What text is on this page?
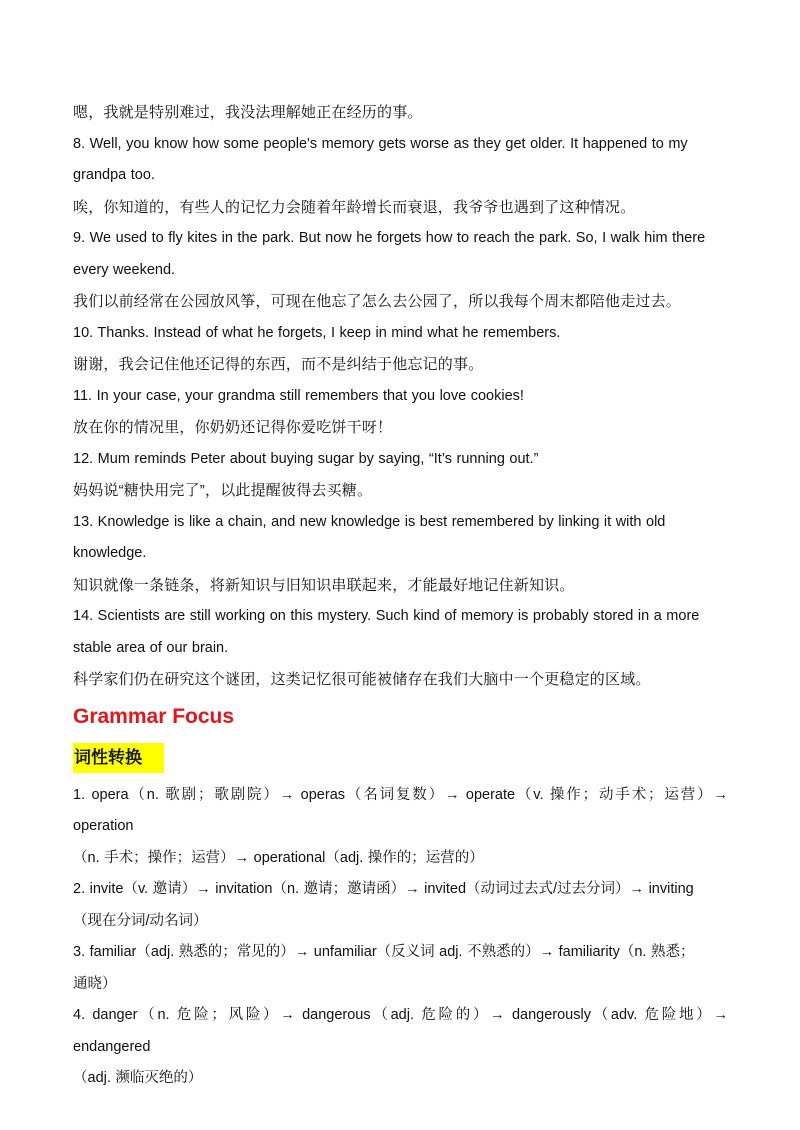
嗯，我就是特别难过，我没法理解她正在经历的事。

8. Well, you know how some people's memory gets worse as they get older. It happened to my

grandpa too.

唉，你知道的，有些人的记忆力会随着年龄增长而衰退，我爷爷也遇到了这种情况。

9. We used to fly kites in the park. But now he forgets how to reach the park. So, I walk him there

every weekend.

我们以前经常在公园放风筝，可现在他忘了怎么去公园了，所以我每个周末都陪他走过去。

10. Thanks. Instead of what he forgets, I keep in mind what he remembers.

谢谢，我会记住他还记得的东西，而不是纠结于他忘记的事。

11. In your case, your grandma still remembers that you love cookies!

放在你的情况里，你奶奶还记得你爱吃饼干呀！

12. Mum reminds Peter about buying sugar by saying, “It’s running out.”

妈妈说“糖快用完了”，以此提醒彼得去买糖。

13. Knowledge is like a chain, and new knowledge is best remembered by linking it with old

knowledge.

知识就像一条链条，将新知识与旧知识串联起来，才能最好地记住新知识。

14. Scientists are still working on this mystery. Such kind of memory is probably stored in a more

stable area of our brain.

科学家们仍在研究这个谜团，这类记忆很可能被储存在我们大脑中一个更稳定的区域。

Grammar Focus
词性转换

1. opera（n. 歌剧；歌剧院）→ operas（名词复数）→ operate（v. 操作；动手术；运营）→ operation

（n. 手术；操作；运营）→ operational（adj. 操作的；运营的）

2. invite（v. 邀请）→ invitation（n. 邀请；邀请函）→ invited（动词过去式/过去分词）→ inviting

（现在分词/动名词）

3. familiar（adj. 熟悉的；常见的）→ unfamiliar（反义词 adj. 不熟悉的）→ familiarity（n. 熟悉；

通晓）

4. danger（n. 危险；风险）→ dangerous（adj. 危险的）→ dangerously（adv. 危险地）→ endangered

（adj. 濒临灭绝的）
